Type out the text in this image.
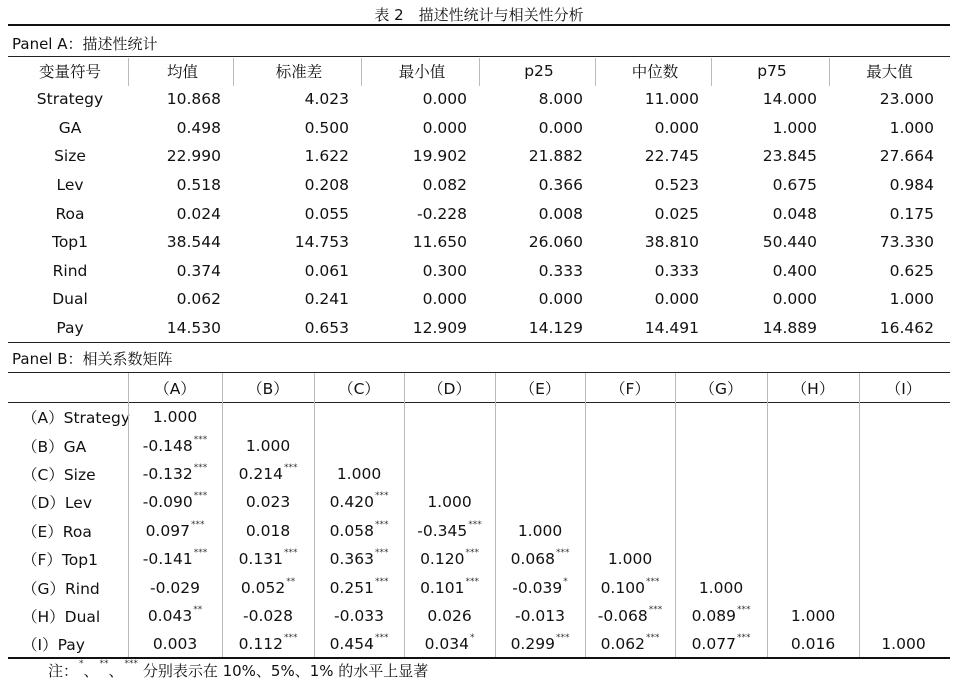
表 2　描述性统计与相关性分析
Panel A：描述性统计
变量符号	均值	标准差	最小值	p25	中位数	p75	最大值
Strategy	10.868	4.023	0.000	8.000	11.000	14.000	23.000
GA	0.498	0.500	0.000	0.000	0.000	1.000	1.000
Size	22.990	1.622	19.902	21.882	22.745	23.845	27.664
Lev	0.518	0.208	0.082	0.366	0.523	0.675	0.984
Roa	0.024	0.055	-0.228	0.008	0.025	0.048	0.175
Top1	38.544	14.753	11.650	26.060	38.810	50.440	73.330
Rind	0.374	0.061	0.300	0.333	0.333	0.400	0.625
Dual	0.062	0.241	0.000	0.000	0.000	0.000	1.000
Pay	14.530	0.653	12.909	14.129	14.491	14.889	16.462
Panel B：相关系数矩阵
	（A）	（B）	（C）	（D）	（E）	（F）	（G）	（H）	（I）
（A）Strategy	1.000								
（B）GA	-0.148***	1.000							
（C）Size	-0.132***	0.214***	1.000						
（D）Lev	-0.090***	0.023	0.420***	1.000					
（E）Roa	0.097***	0.018	0.058***	-0.345***	1.000				
（F）Top1	-0.141***	0.131***	0.363***	0.120***	0.068***	1.000			
（G）Rind	-0.029	0.052**	0.251***	0.101***	-0.039*	0.100***	1.000		
（H）Dual	0.043**	-0.028	-0.033	0.026	-0.013	-0.068***	0.089***	1.000	
（I）Pay	0.003	0.112***	0.454***	0.034*	0.299***	0.062***	0.077***	0.016	1.000
注：*、**、*** 分别表示在 10%、5%、1% 的水平上显著
